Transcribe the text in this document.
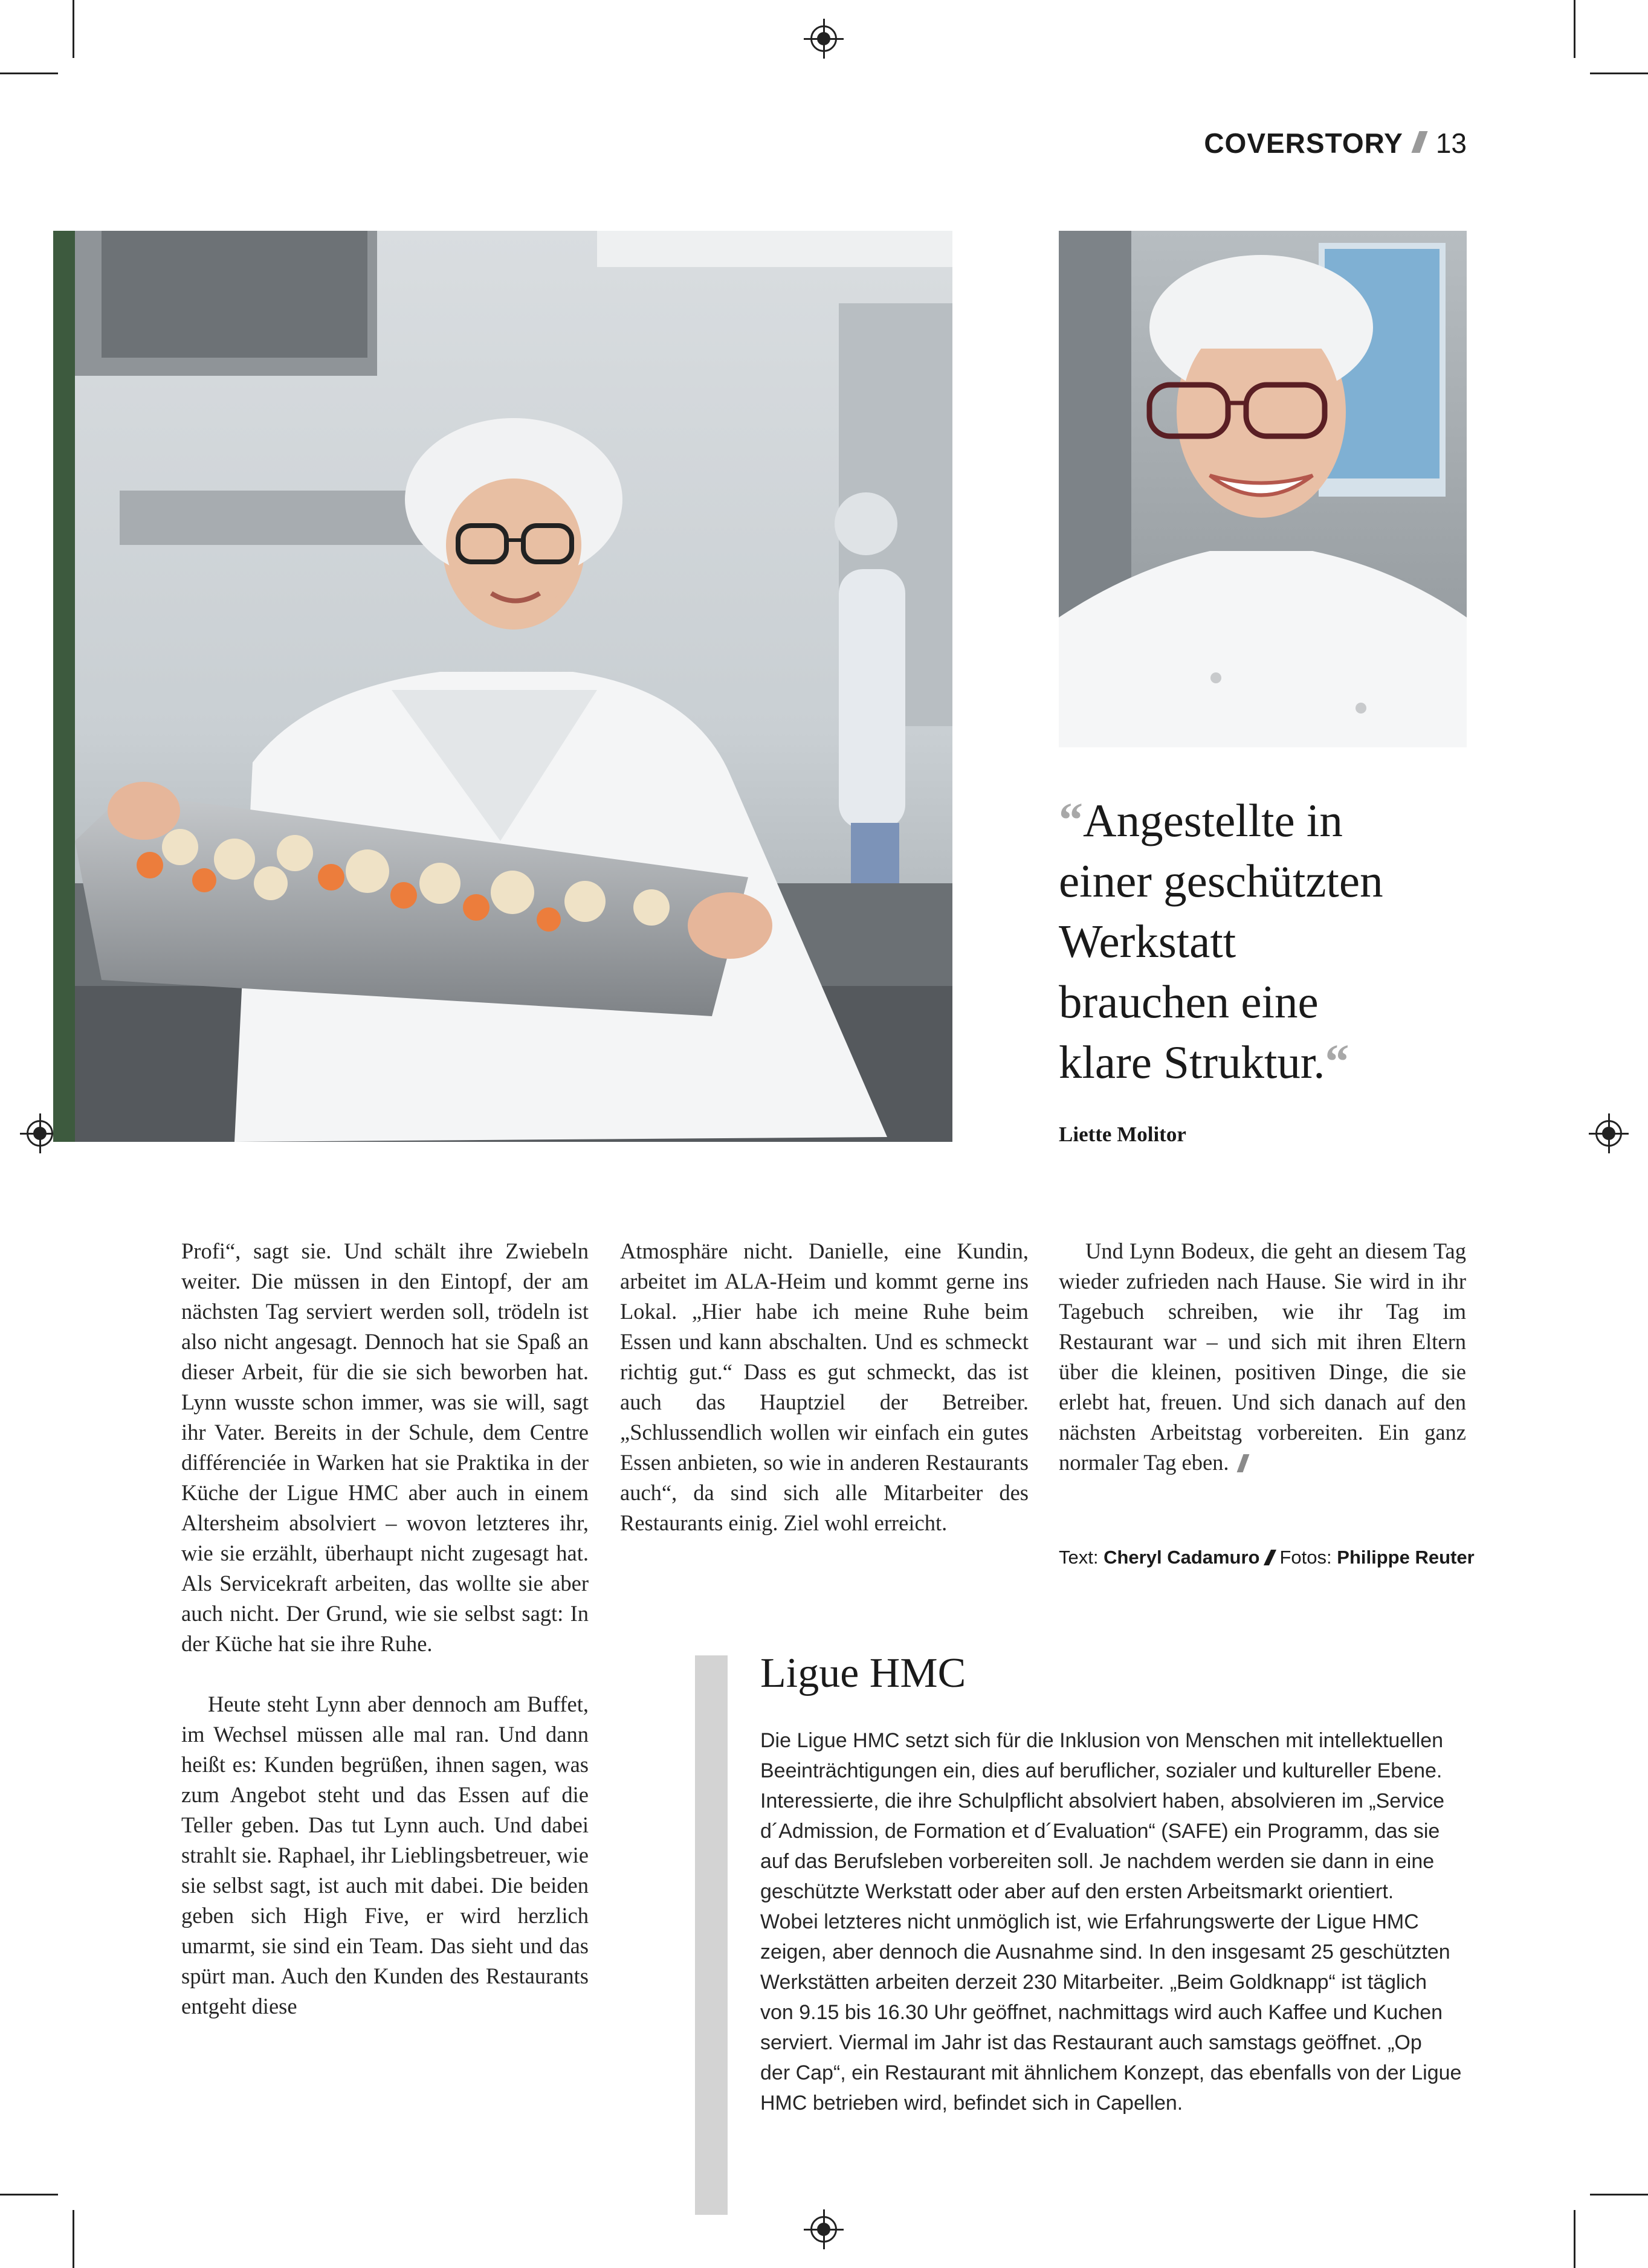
COVERSTORY 13
“Angestellte in
einer geschützten
Werkstatt
brauchen eine
klare Struktur.“
Liette Molitor

Profi“, sagt sie. Und schält ihre Zwiebeln weiter. Die müssen in den Eintopf, der am nächsten Tag serviert werden soll, trödeln ist also nicht angesagt. Dennoch hat sie Spaß an dieser Arbeit, für die sie sich beworben hat. Lynn wusste schon immer, was sie will, sagt ihr Vater. Bereits in der Schule, dem Centre différenciée in Warken hat sie Praktika in der Küche der Ligue HMC aber auch in einem Altersheim absolviert – wovon letzteres ihr, wie sie erzählt, überhaupt nicht zugesagt hat. Als Servicekraft arbeiten, das wollte sie aber auch nicht. Der Grund, wie sie selbst sagt: In der Küche hat sie ihre Ruhe.

Heute steht Lynn aber dennoch am Buffet, im Wechsel müssen alle mal ran. Und dann heißt es: Kunden begrüßen, ihnen sagen, was zum Angebot steht und das Essen auf die Teller geben. Das tut Lynn auch. Und dabei strahlt sie. Raphael, ihr Lieblingsbetreuer, wie sie selbst sagt, ist auch mit dabei. Die beiden geben sich High Five, er wird herzlich umarmt, sie sind ein Team. Das sieht und das spürt man. Auch den Kunden des Restaurants entgeht diese

Atmosphäre nicht. Danielle, eine Kundin, arbeitet im ALA-Heim und kommt gerne ins Lokal. „Hier habe ich meine Ruhe beim Essen und kann abschalten. Und es schmeckt richtig gut.“ Dass es gut schmeckt, das ist auch das Hauptziel der Betreiber. „Schlussendlich wollen wir einfach ein gutes Essen anbieten, so wie in anderen Restaurants auch“, da sind sich alle Mitarbeiter des Restaurants einig. Ziel wohl erreicht.

Und Lynn Bodeux, die geht an diesem Tag wieder zufrieden nach Hause. Sie wird in ihr Tagebuch schreiben, wie ihr Tag im Restaurant war – und sich mit ihren Eltern über die kleinen, positiven Dinge, die sie erlebt hat, freuen. Und sich danach auf den nächsten Arbeitstag vorbereiten. Ein ganz normaler Tag eben.

Text: Cheryl Cadamuro Fotos: Philippe Reuter
Ligue HMC
Die Ligue HMC setzt sich für die Inklusion von Menschen mit intellektuellen
Beeinträchtigungen ein, dies auf beruflicher, sozialer und kultureller Ebene.
Interessierte, die ihre Schulpflicht absolviert haben, absolvieren im „Service
d´Admission, de Formation et d´Evaluation“ (SAFE) ein Programm, das sie
auf das Berufsleben vorbereiten soll. Je nachdem werden sie dann in eine
geschützte Werkstatt oder aber auf den ersten Arbeitsmarkt orientiert.
Wobei letzteres nicht unmöglich ist, wie Erfahrungswerte der Ligue HMC
zeigen, aber dennoch die Ausnahme sind. In den insgesamt 25 geschützten
Werkstätten arbeiten derzeit 230 Mitarbeiter. „Beim Goldknapp“ ist täglich
von 9.15 bis 16.30 Uhr geöffnet, nachmittags wird auch Kaffee und Kuchen
serviert. Viermal im Jahr ist das Restaurant auch samstags geöffnet. „Op
der Cap“, ein Restaurant mit ähnlichem Konzept, das ebenfalls von der Ligue
HMC betrieben wird, befindet sich in Capellen.
